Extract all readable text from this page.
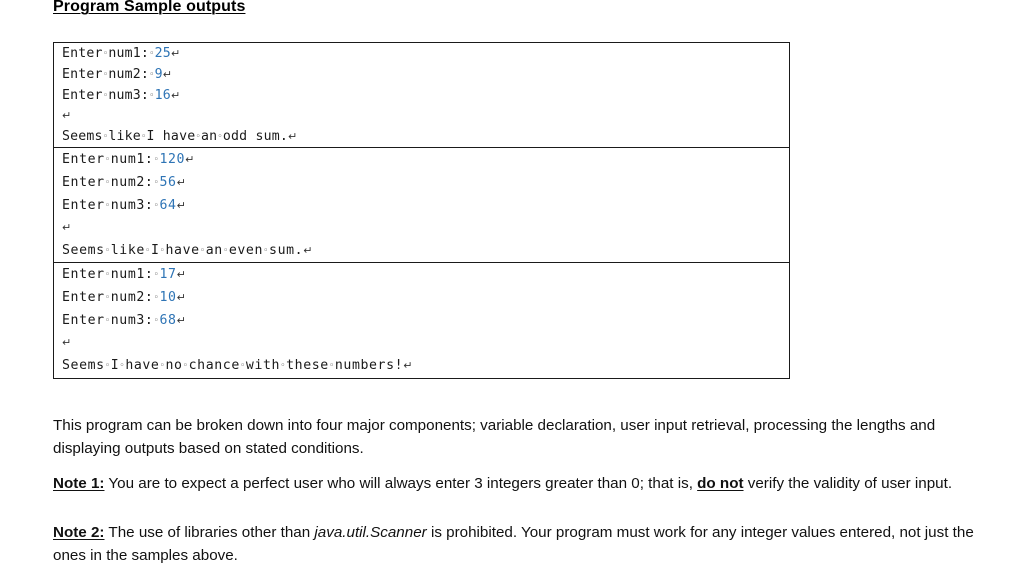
Program Sample outputs
Enter◦num1:◦25↵
Enter◦num2:◦9↵
Enter◦num3:◦16↵
↵
Seems◦like◦I have◦an◦odd sum.↵
Enter◦num1:◦120↵
Enter◦num2:◦56↵
Enter◦num3:◦64↵
↵
Seems◦like◦I◦have◦an◦even◦sum.↵
Enter◦num1:◦17↵
Enter◦num2:◦10↵
Enter◦num3:◦68↵
↵
Seems◦I◦have◦no◦chance◦with◦these◦numbers!↵

This program can be broken down into four major components; variable declaration, user input retrieval, processing the lengths and displaying outputs based on stated conditions.

Note 1: You are to expect a perfect user who will always enter 3 integers greater than 0; that is, do not verify the validity of user input.

Note 2: The use of libraries other than java.util.Scanner is prohibited. Your program must work for any integer values entered, not just the ones in the samples above.
